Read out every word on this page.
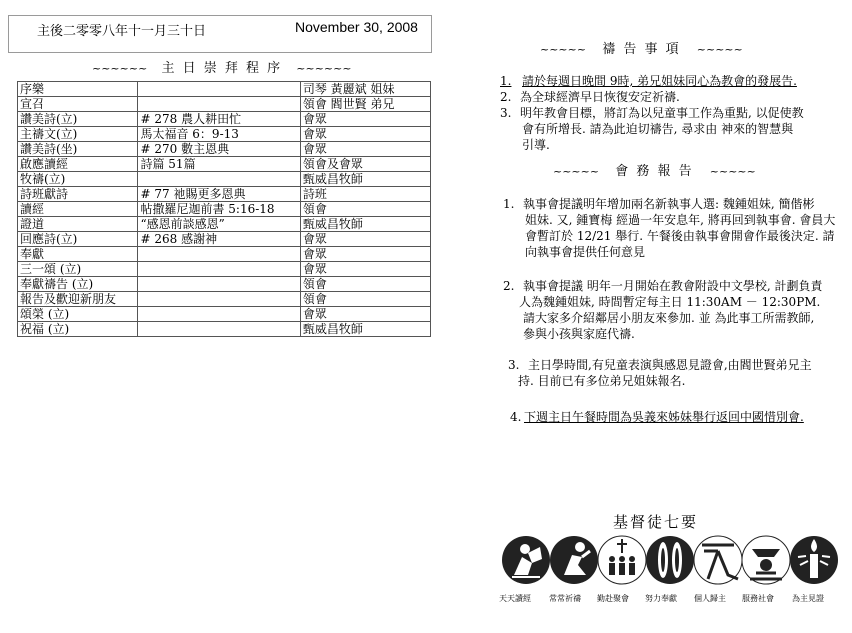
主後二零零八年十一月三十日	November 30, 2008
~~~~~~ 主 日 崇 拜 程 序 ~~~~~~
序樂		司琴 黃麗斌 姐妹
宣召		領會 閻世賢 弟兄
讚美詩(立)	# 278 農人耕田忙	會眾
主禱文(立)	馬太福音 6：9-13	會眾
讚美詩(坐)	# 270 數主恩典	會眾
啟應讀經	詩篇 51篇	領會及會眾
牧禱(立)		甄威昌牧師
詩班獻詩	# 77 祂賜更多恩典	詩班
讀經	帖撒羅尼迦前書 5:16-18	領會
證道	“感恩前談感恩”	甄威昌牧師
回應詩(立)	# 268 感謝神	會眾
奉獻		會眾
三一頌 (立)		會眾
奉獻禱告 (立)		領會
報告及歡迎新朋友		領會
頌榮 (立)		會眾
祝福 (立)		甄威昌牧師
~~~~~ 禱 告 事 項 ~~~~~
1. 請於每週日晚間 9時, 弟兄姐妹同心為教會的發展告.
2. 為全球經濟早日恢復安定祈禱.
3. 明年教會目標，將訂為以兒童事工作為重點, 以促使教
會有所增長. 請為此迫切禱告, 尋求由 神來的智慧與
引導.
~~~~~ 會 務 報 告 ~~~~~
1. 執事會提議明年增加兩名新執事人選: 魏鍾姐妹, 簡偕彬
姐妹. 又, 鍾寶梅 經過一年安息年, 將再回到執事會. 會員大
會暫訂於 12/21 舉行. 午餐後由執事會開會作最後決定. 請
向執事會提供任何意見
2. 執事會提議 明年一月開始在教會附設中文學校, 計劃負責
人為魏鍾姐妹, 時間暫定每主日 11:30AM － 12:30PM.
請大家多介紹鄰居小朋友來參加. 並 為此事工所需教師,
參與小孩與家庭代禱.
3. 主日學時間,有兒童表演與感恩見證會,由閻世賢弟兄主
持. 目前已有多位弟兄姐妹報名.
4. 下週主日午餐時間為吳義來姊妹舉行返回中國惜別會.
基督徒七要
天天讀經 常常祈禱 勤赴聚會 努力奉獻 個人歸主 服務社會 為主見證
